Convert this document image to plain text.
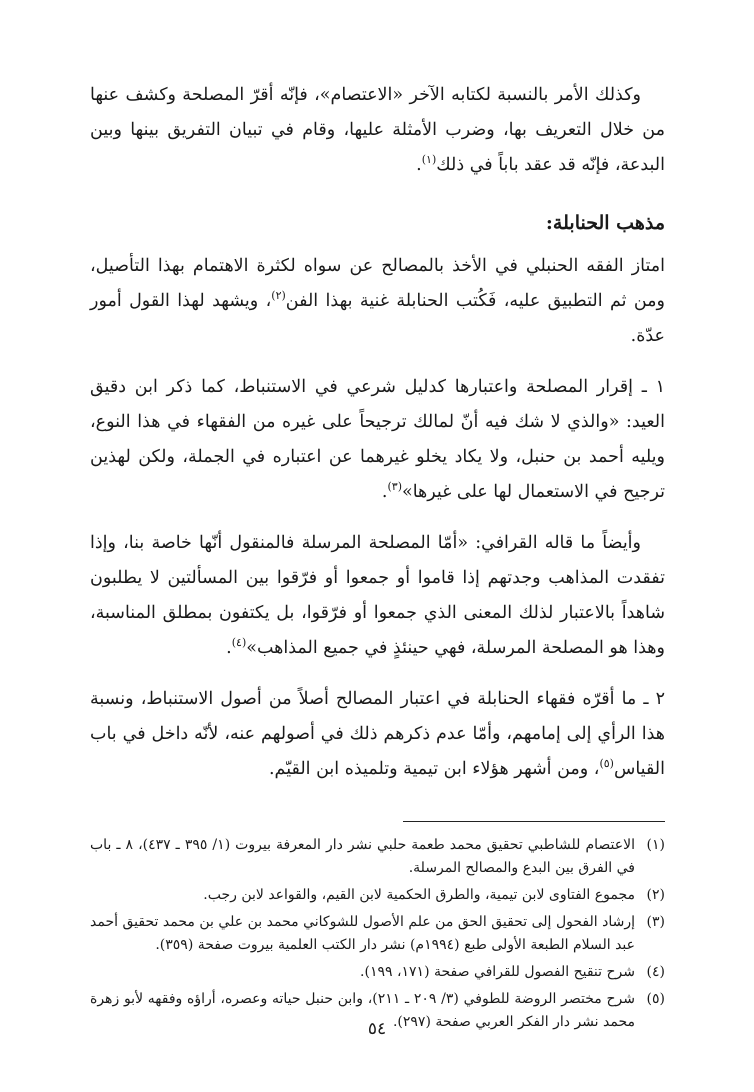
وكذلك الأمر بالنسبة لكتابه الآخر «الاعتصام»، فإنّه أقرّ المصلحة وكشف عنها من خلال التعريف بها، وضرب الأمثلة عليها، وقام في تبيان التفريق بينها وبين البدعة، فإنّه قد عقد باباً في ذلك$^{(١)}$.

مذهب الحنابلة:

امتاز الفقه الحنبلي في الأخذ بالمصالح عن سواه لكثرة الاهتمام بهذا التأصيل، ومن ثم التطبيق عليه، فَكُتب الحنابلة غنية بهذا الفن$^{(٢)}$، ويشهد لهذا القول أمور عدّة.

١ ـ إقرار المصلحة واعتبارها كدليل شرعي في الاستنباط، كما ذكر ابن دقيق العيد: «والذي لا شك فيه أنّ لمالك ترجيحاً على غيره من الفقهاء في هذا النوع، ويليه أحمد بن حنبل، ولا يكاد يخلو غيرهما عن اعتباره في الجملة، ولكن لهذين ترجيح في الاستعمال لها على غيرها»$^{(٣)}$.

وأيضاً ما قاله القرافي: «أمّا المصلحة المرسلة فالمنقول أنّها خاصة بنا، وإذا تفقدت المذاهب وجدتهم إذا قاموا أو جمعوا أو فرّقوا بين المسألتين لا يطلبون شاهداً بالاعتبار لذلك المعنى الذي جمعوا أو فرّقوا، بل يكتفون بمطلق المناسبة، وهذا هو المصلحة المرسلة، فهي حينئذٍ في جميع المذاهب»$^{(٤)}$.

٢ ـ ما أقرّه فقهاء الحنابلة في اعتبار المصالح أصلاً من أصول الاستنباط، ونسبة هذا الرأي إلى إمامهم، وأمّا عدم ذكرهم ذلك في أصولهم عنه، لأنّه داخل في باب القياس$^{(٥)}$، ومن أشهر هؤلاء ابن تيمية وتلميذه ابن القيّم.

(١)
الاعتصام للشاطبي تحقيق محمد طعمة حلبي نشر دار المعرفة بيروت (١/ ٣٩٥ ـ ٤٣٧)، ٨ ـ باب في الفرق بين البدع والمصالح المرسلة.
(٢)
مجموع الفتاوى لابن تيمية، والطرق الحكمية لابن القيم، والقواعد لابن رجب.
(٣)
إرشاد الفحول إلى تحقيق الحق من علم الأصول للشوكاني محمد بن علي بن محمد تحقيق أحمد عبد السلام الطبعة الأولى طبع (١٩٩٤م) نشر دار الكتب العلمية بيروت صفحة (٣٥٩).
(٤)
شرح تنقيح الفصول للقرافي صفحة (١٧١، ١٩٩).
(٥)
شرح مختصر الروضة للطوفي (٣/ ٢٠٩ ـ ٢١١)، وابن حنبل حياته وعصره، أراؤه وفقهه لأبو زهرة محمد نشر دار الفكر العربي صفحة (٢٩٧).
٥٤
